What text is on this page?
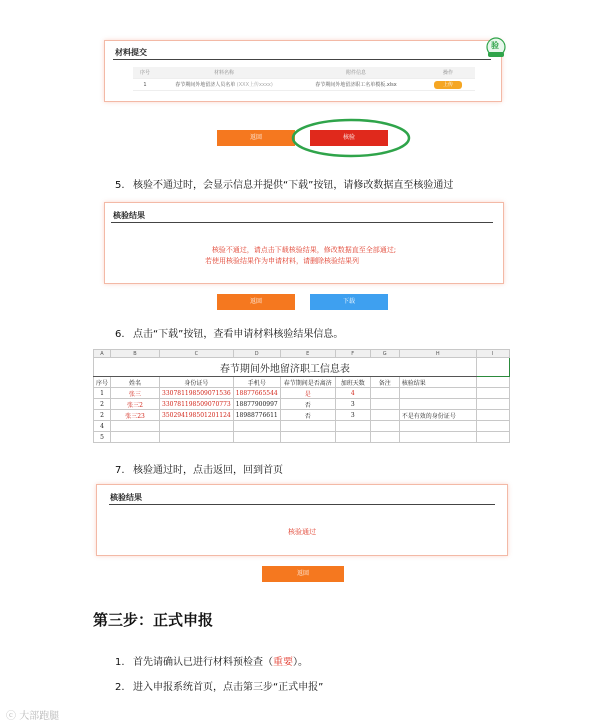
材料提交
序号	材料名称	附件信息	操作
1	春节期间外地留济人员名单 (XXX上传xxxx)	春节期间外地留济职工名单模板.xlsx	上传
验
返回	核验
5. 核验不通过时，会显示信息并提供“下载”按钮，请修改数据直至核验通过
核验结果
核验不通过，请点击下载核验结果，修改数据直至全部通过;
若使用核验结果作为申请材料，请删除核验结果列
返回	下载
6. 点击“下载”按钮，查看申请材料核验结果信息。
A	B	C	D	E	F	G	H	I
春节期间外地留济职工信息表								
序号	姓名	身份证号	手机号	春节期间是否离济	加班天数	备注	核验结果	
1	张三	330781198509071536	18877665544	是	4			
2	张三2	330781198509070773	18877900997	否	3			
2	张三23	350294198501201124	18988776611	否	3		不是有效的身份证号	
4								
5								
7. 核验通过时，点击返回，回到首页
核验结果
核验通过
返回
第三步：正式申报
1. 首先请确认已进行材料预检查（重要）。
2. 进入申报系统首页，点击第三步“正式申报”
ⓒ 大部跑腿
